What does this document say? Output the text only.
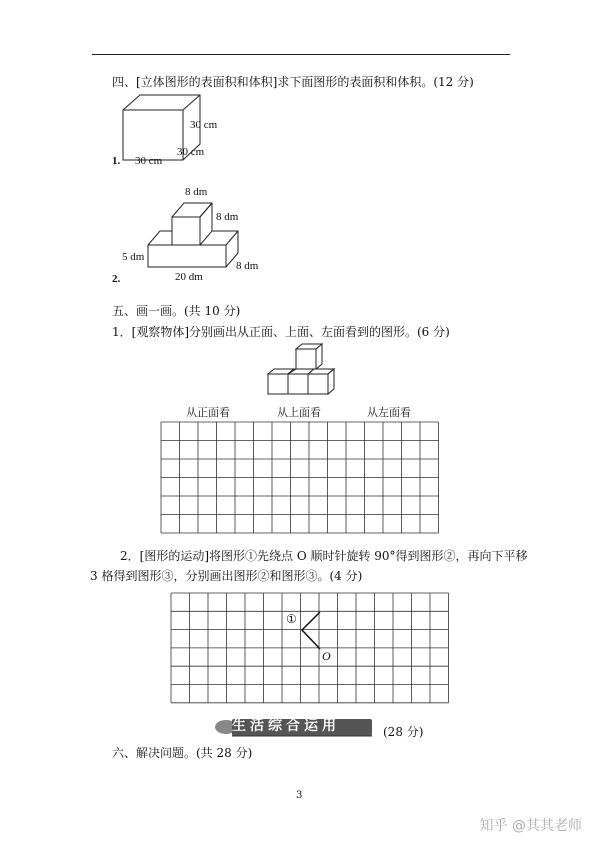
四、[立体图形的表面积和体积]求下面图形的表面积和体积。(12 分)
1.
30 cm
30 cm
30 cm
2.
8 dm
8 dm
5 dm
8 dm
20 dm
五、画一画。(共 10 分)
1．[观察物体]分别画出从正面、上面、左面看到的图形。(6 分)
从正面看	从上面看	从左面看
2．[图形的运动]将图形①先绕点 O 顺时针旋转 90°得到图形②，再向下平移
3 格得到图形③，分别画出图形②和图形③。(4 分)
①
O
生活综合运用	(28 分)
六、解决问题。(共 28 分)
3
知乎 @其其老师
